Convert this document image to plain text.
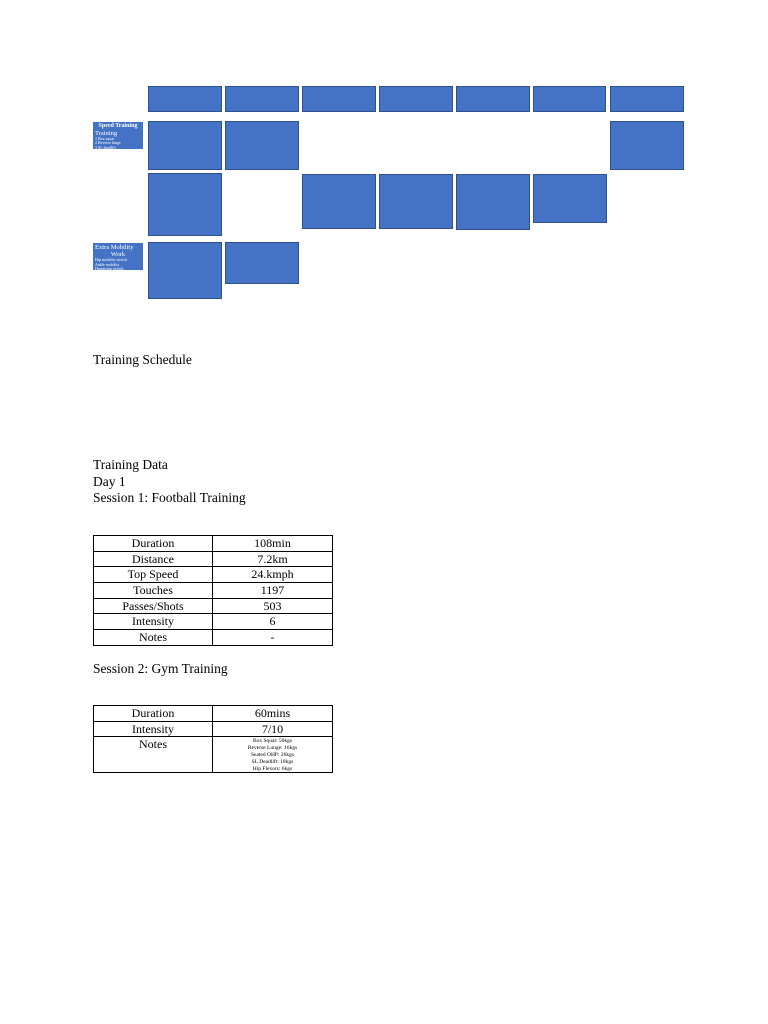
Speed Training
Training
1 Box squat
2 Reverse lunge
3 SL deadlift
4 Hip flexor
Extra Mobility
Work
Hip mobility stretch
Ankle mobility
Hamstring stretch
Recovery work
Training Schedule
Training Data
Day 1
Session 1: Football Training
Duration	108min
Distance	7.2km
Top Speed	24.kmph
Touches	1197
Passes/Shots	503
Intensity	6
Notes	-
Session 2: Gym Training
Duration	60mins
Intensity	7/10
Notes	Box Squat: 50kgs
Reverse Lunge: 16kgs
Seated OHP: 26kgs
SL Deadlift: 18kgs
Hip Flexors: 6kgs
